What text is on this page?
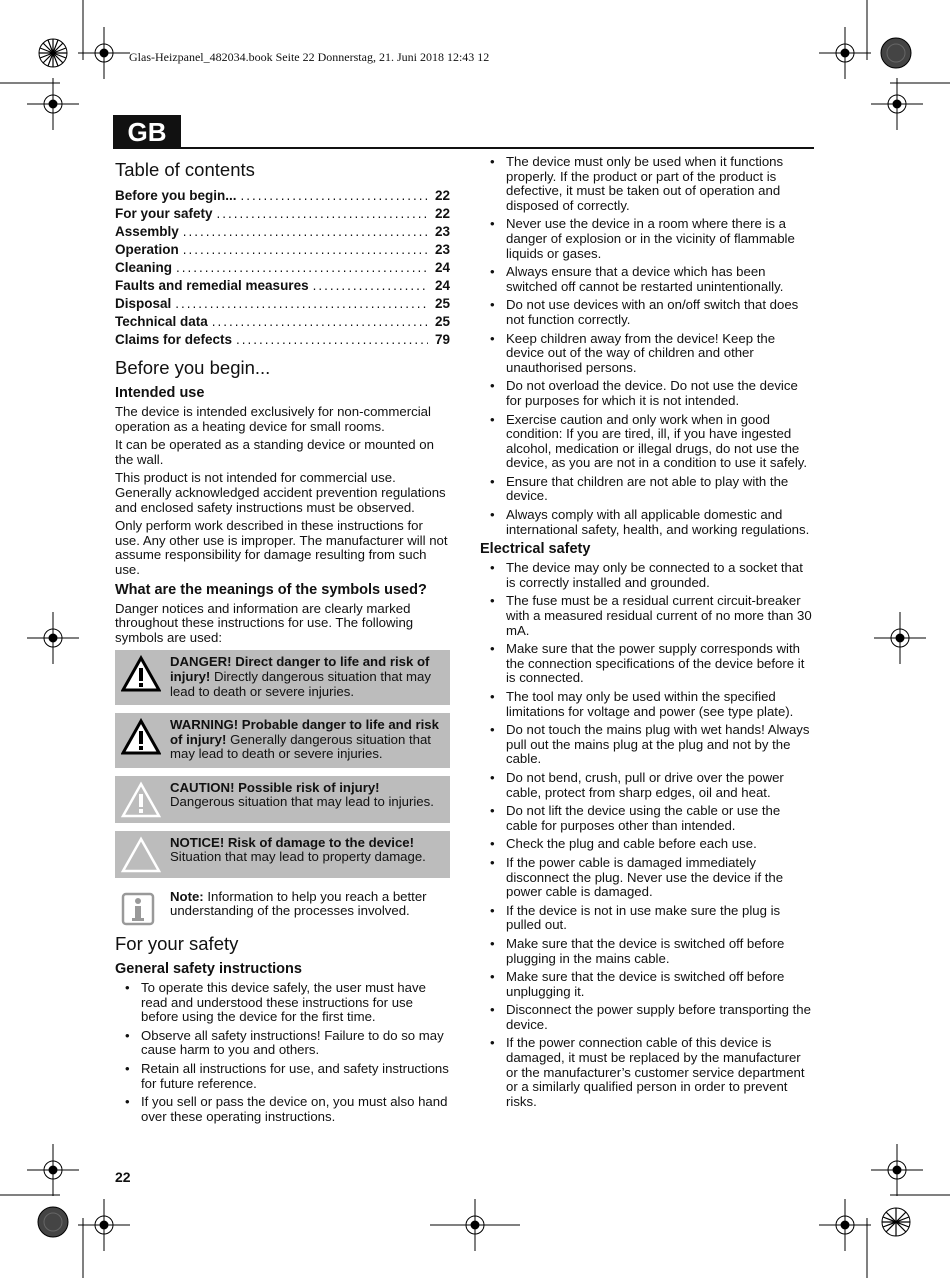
Glas-Heizpanel_482034.book Seite 22 Donnerstag, 21. Juni 2018 12:43 12
GB
Table of contents
Before you begin... .....	22
For your safety .....	22
Assembly .....	23
Operation .....	23
Cleaning .....	24
Faults and remedial measures .....	24
Disposal .....	25
Technical data .....	25
Claims for defects .....	79
Before you begin...
Intended use

The device is intended exclusively for non-commercial operation as a heating device for small rooms.

It can be operated as a standing device or mounted on the wall.

This product is not intended for commercial use. Generally acknowledged accident prevention regulations and enclosed safety instructions must be observed.

Only perform work described in these instructions for use. Any other use is improper. The manufacturer will not assume responsibility for damage resulting from such use.

What are the meanings of the symbols used?

Danger notices and information are clearly marked throughout these instructions for use. The following symbols are used:

DANGER! Direct danger to life and risk of injury! Directly dangerous situation that may lead to death or severe injuries.
WARNING! Probable danger to life and risk of injury! Generally dangerous situation that may lead to death or severe injuries.
CAUTION! Possible risk of injury! Dangerous situation that may lead to injuries.
NOTICE! Risk of damage to the device! Situation that may lead to property damage.
Note: Information to help you reach a better understanding of the processes involved.
For your safety
General safety instructions
• To operate this device safely, the user must have read and understood these instructions for use before using the device for the first time.
• Observe all safety instructions! Failure to do so may cause harm to you and others.
• Retain all instructions for use, and safety instructions for future reference.
• If you sell or pass the device on, you must also hand over these operating instructions.
• The device must only be used when it functions properly. If the product or part of the product is defective, it must be taken out of operation and disposed of correctly.
• Never use the device in a room where there is a danger of explosion or in the vicinity of flammable liquids or gases.
• Always ensure that a device which has been switched off cannot be restarted unintentionally.
• Do not use devices with an on/off switch that does not function correctly.
• Keep children away from the device! Keep the device out of the way of children and other unauthorised persons.
• Do not overload the device. Do not use the device for purposes for which it is not intended.
• Exercise caution and only work when in good condition: If you are tired, ill, if you have ingested alcohol, medication or illegal drugs, do not use the device, as you are not in a condition to use it safely.
• Ensure that children are not able to play with the device.
• Always comply with all applicable domestic and international safety, health, and working regulations.
Electrical safety
• The device may only be connected to a socket that is correctly installed and grounded.
• The fuse must be a residual current circuit-breaker with a measured residual current of no more than 30 mA.
• Make sure that the power supply corresponds with the connection specifications of the device before it is connected.
• The tool may only be used within the specified limitations for voltage and power (see type plate).
• Do not touch the mains plug with wet hands! Always pull out the mains plug at the plug and not by the cable.
• Do not bend, crush, pull or drive over the power cable, protect from sharp edges, oil and heat.
• Do not lift the device using the cable or use the cable for purposes other than intended.
• Check the plug and cable before each use.
• If the power cable is damaged immediately disconnect the plug. Never use the device if the power cable is damaged.
• If the device is not in use make sure the plug is pulled out.
• Make sure that the device is switched off before plugging in the mains cable.
• Make sure that the device is switched off before unplugging it.
• Disconnect the power supply before transporting the device.
• If the power connection cable of this device is damaged, it must be replaced by the manufacturer or the manufacturer’s customer service department or a similarly qualified person in order to prevent risks.
22
